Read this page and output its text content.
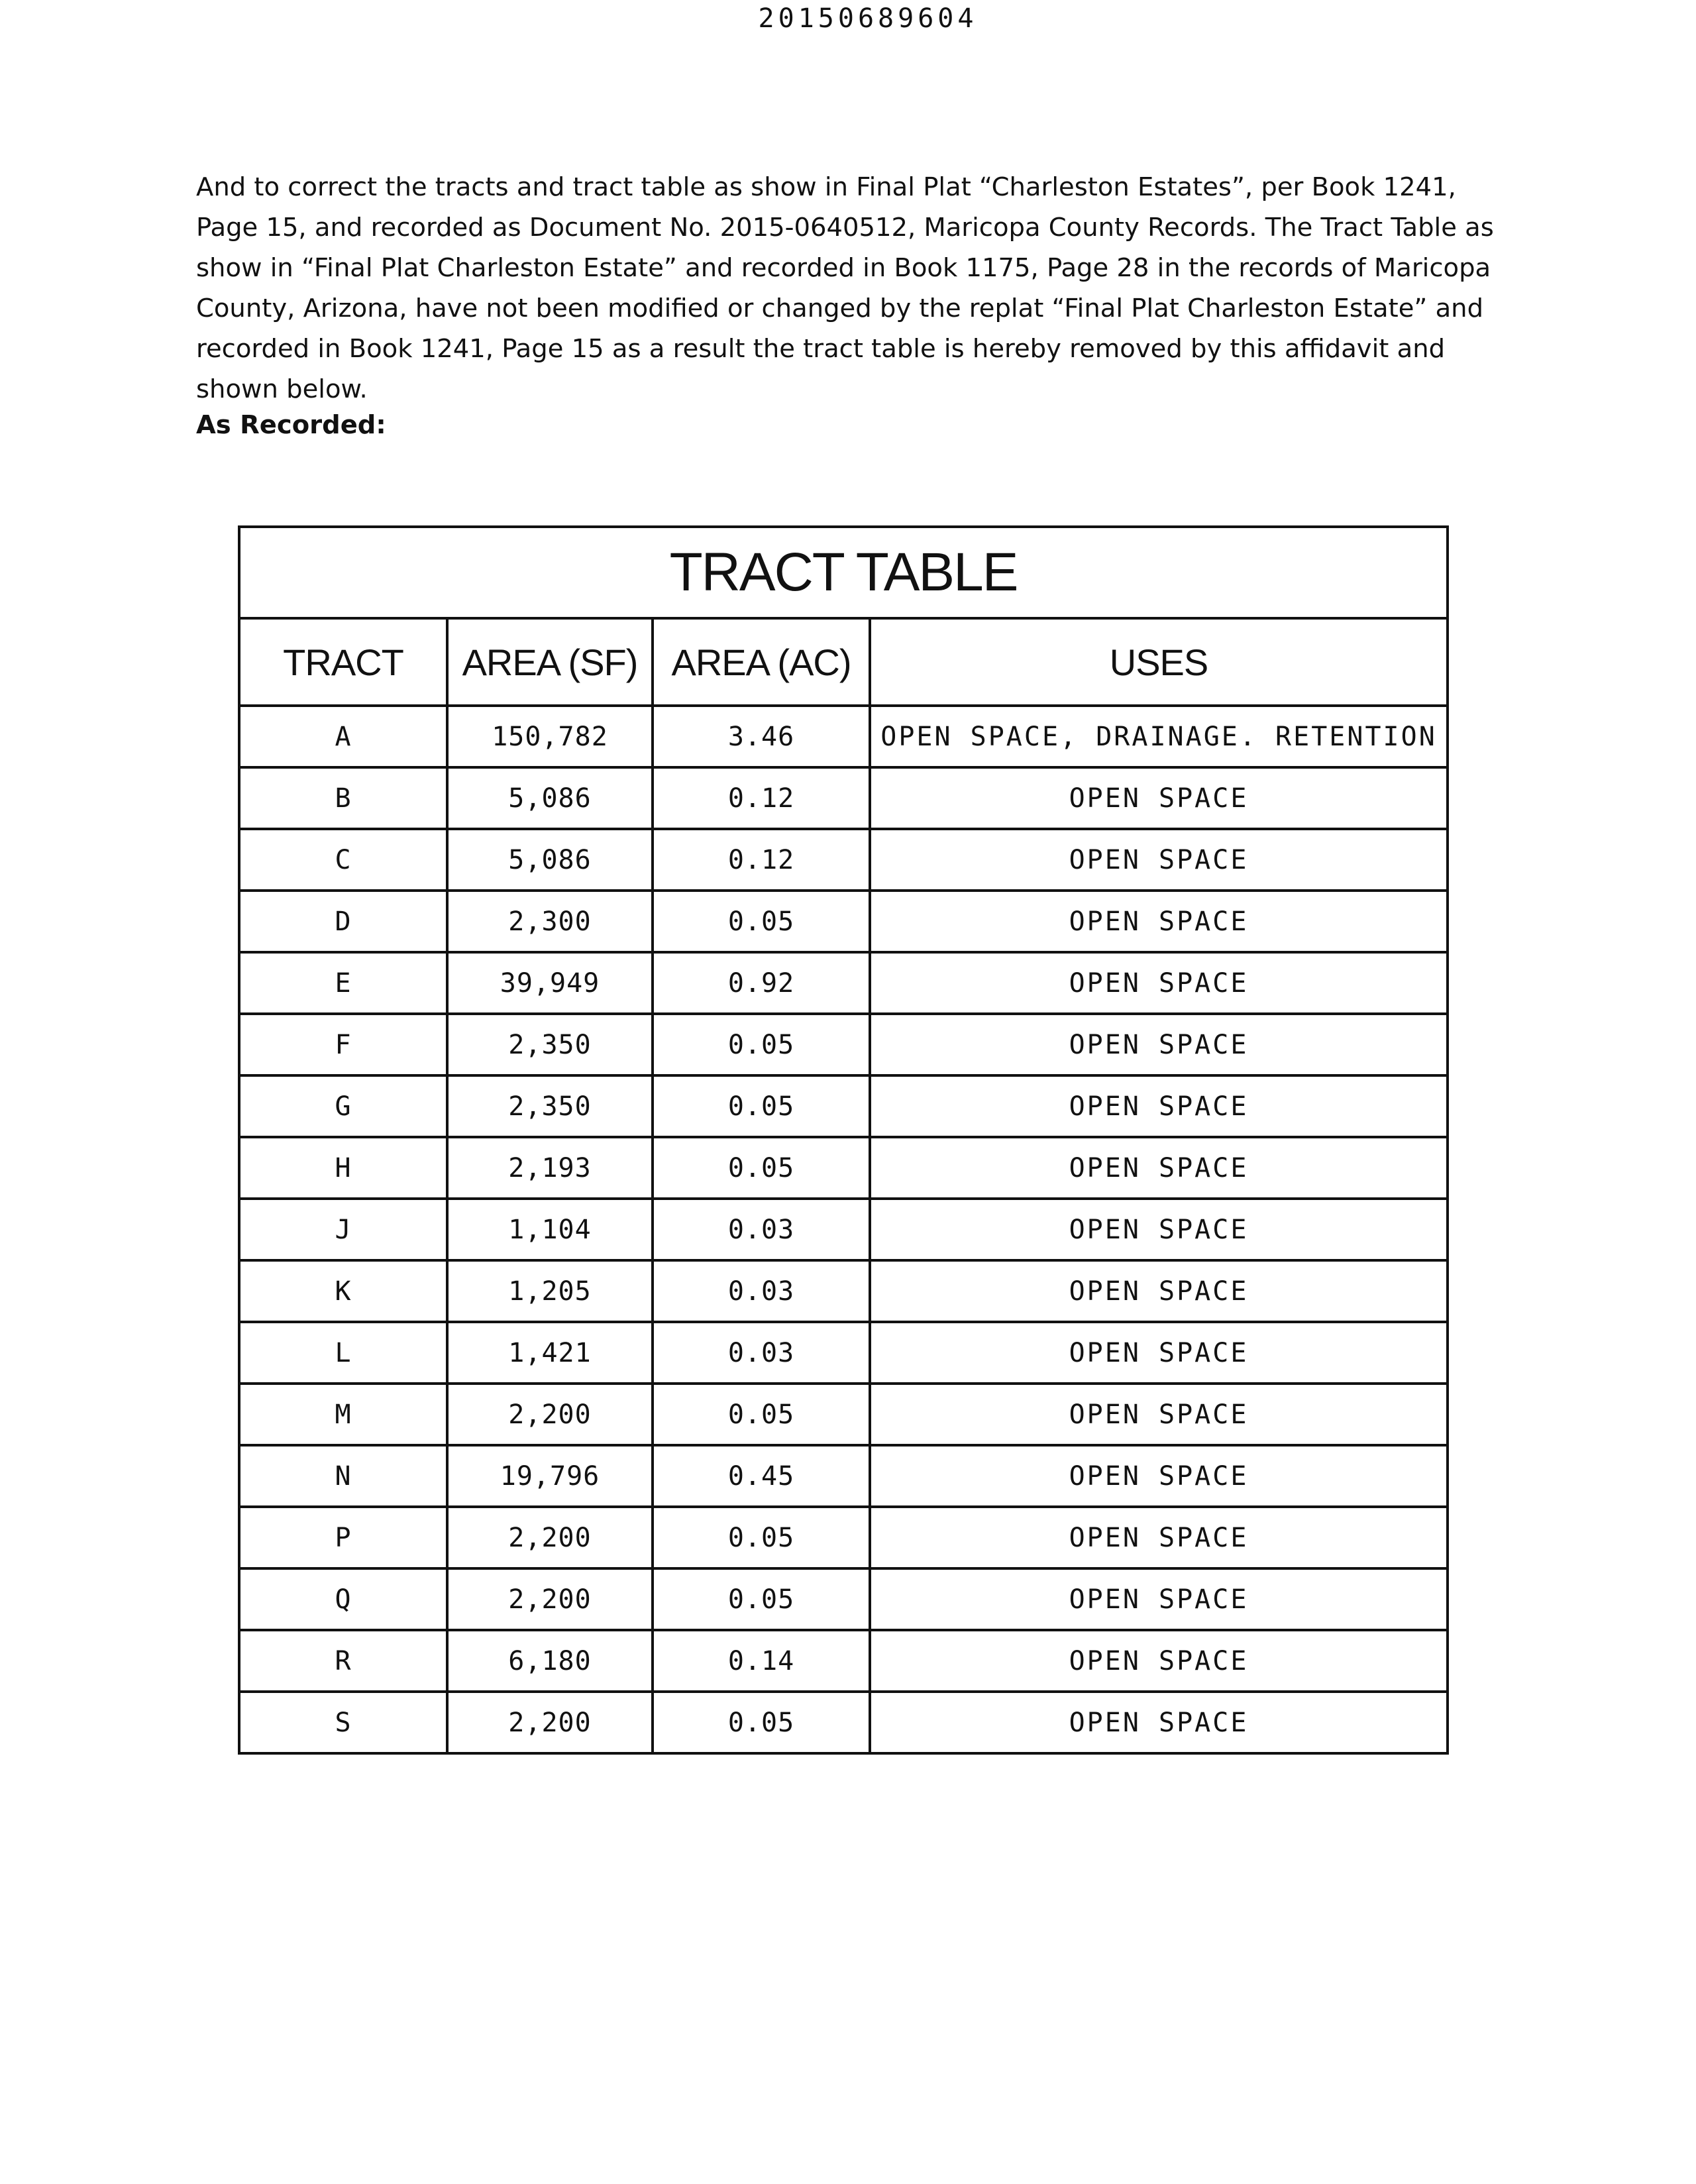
20150689604

And to correct the tracts and tract table as show in Final Plat “Charleston Estates”, per Book 1241, Page 15, and recorded as Document No. 2015-0640512, Maricopa County Records. The Tract Table as show in “Final Plat Charleston Estate” and recorded in Book 1175, Page 28 in the records of Maricopa County, Arizona, have not been modified or changed by the replat “Final Plat Charleston Estate” and recorded in Book 1241, Page 15 as a result the tract table is hereby removed by this affidavit and shown below.

As Recorded:

TRACT TABLE			
TRACT	AREA (SF)	AREA (AC)	USES
A	150,782	3.46	OPEN SPACE, DRAINAGE. RETENTION
B	5,086	0.12	OPEN SPACE
C	5,086	0.12	OPEN SPACE
D	2,300	0.05	OPEN SPACE
E	39,949	0.92	OPEN SPACE
F	2,350	0.05	OPEN SPACE
G	2,350	0.05	OPEN SPACE
H	2,193	0.05	OPEN SPACE
J	1,104	0.03	OPEN SPACE
K	1,205	0.03	OPEN SPACE
L	1,421	0.03	OPEN SPACE
M	2,200	0.05	OPEN SPACE
N	19,796	0.45	OPEN SPACE
P	2,200	0.05	OPEN SPACE
Q	2,200	0.05	OPEN SPACE
R	6,180	0.14	OPEN SPACE
S	2,200	0.05	OPEN SPACE
